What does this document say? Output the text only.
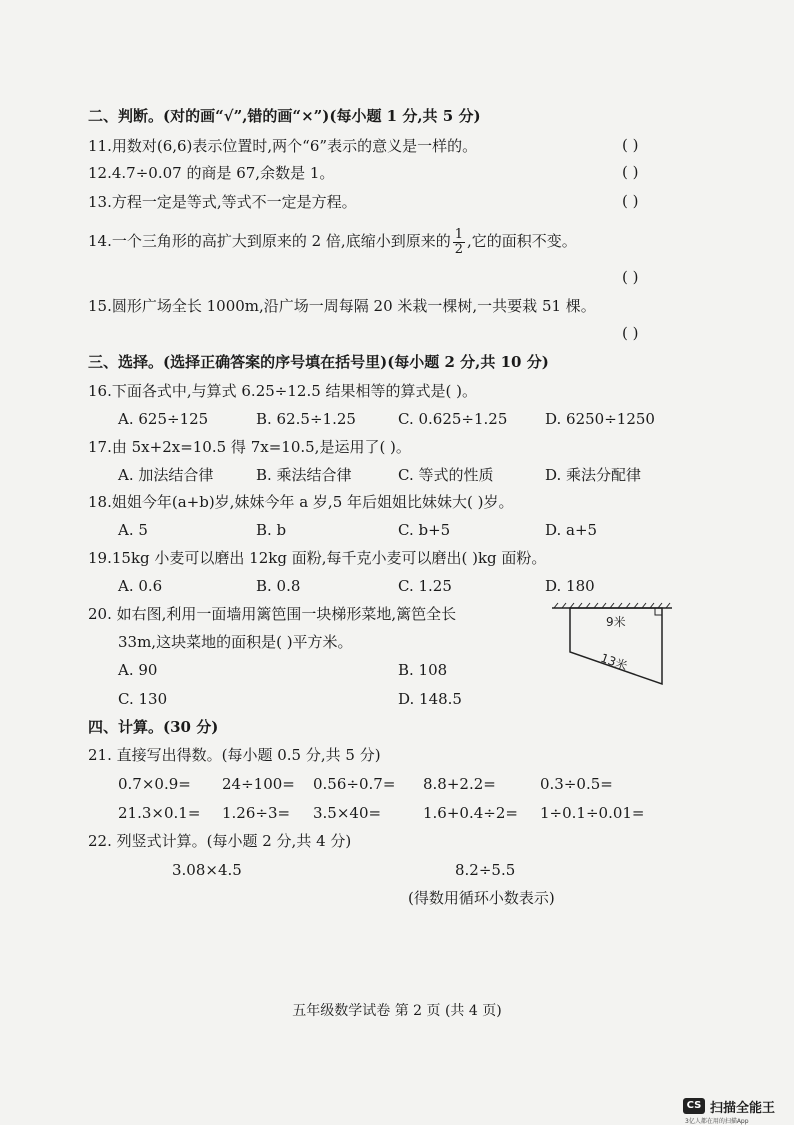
二、判断。(对的画“√”,错的画“×”)(每小题 1 分,共 5 分)
11.用数对(6,6)表示位置时,两个“6”表示的意义是一样的。	( )
12.4.7÷0.07 的商是 67,余数是 1。	( )
13.方程一定是等式,等式不一定是方程。	( )
14.一个三角形的高扩大到原来的 2 倍,底缩小到原来的 $\frac{1}{2}$ ,它的面积不变。
( )
15.圆形广场全长 1000m,沿广场一周每隔 20 米栽一棵树,一共要栽 51 棵。
( )
三、选择。(选择正确答案的序号填在括号里)(每小题 2 分,共 10 分)
16.下面各式中,与算式 6.25÷12.5 结果相等的算式是( )。
A. 625÷125	B. 62.5÷1.25	C. 0.625÷1.25	D. 6250÷1250
17.由 5x+2x=10.5 得 7x=10.5,是运用了( )。
A. 加法结合律	B. 乘法结合律	C. 等式的性质	D. 乘法分配律
18.姐姐今年(a+b)岁,妹妹今年 a 岁,5 年后姐姐比妹妹大( )岁。
A. 5	B. b	C. b+5	D. a+5
19.15kg 小麦可以磨出 12kg 面粉,每千克小麦可以磨出( )kg 面粉。
A. 0.6	B. 0.8	C. 1.25	D. 180
20. 如右图,利用一面墙用篱笆围一块梯形菜地,篱笆全长
33m,这块菜地的面积是( )平方米。
A. 90	B. 108
C. 130	D. 148.5
9米
13米
四、计算。(30 分)
21. 直接写出得数。(每小题 0.5 分,共 5 分)
0.7×0.9= 24÷100= 0.56÷0.7= 8.8+2.2=	0.3÷0.5=
21.3×0.1= 1.26÷3= 3.5×40=	1.6+0.4÷2= 1÷0.1÷0.01=
22. 列竖式计算。(每小题 2 分,共 4 分)
3.08×4.5	8.2÷5.5
(得数用循环小数表示)
五年级数学试卷 第 2 页 (共 4 页)
CS 扫描全能王
3亿人都在用的扫描App
